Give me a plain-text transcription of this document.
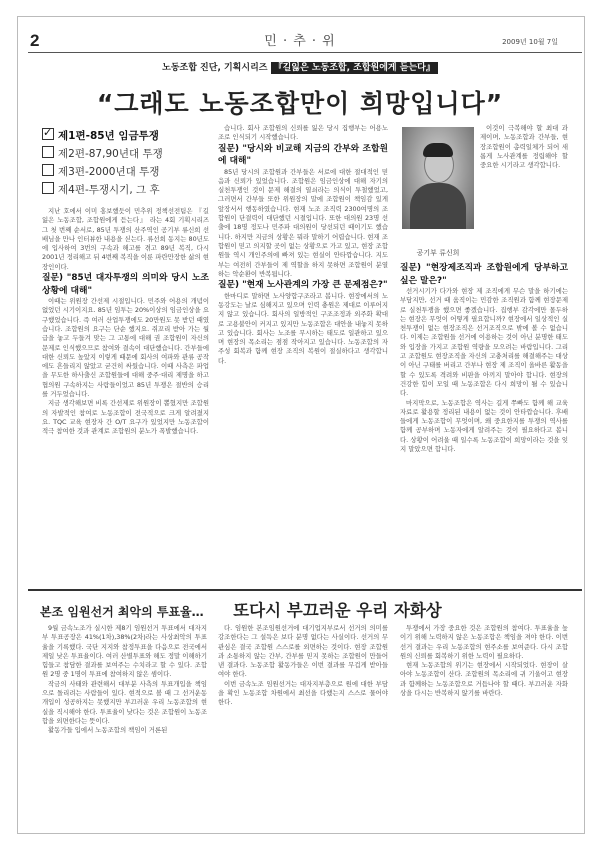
2	민 · 추 · 위	2009년 10월 7일
노동조합 진단, 기획시리즈 『길잃은 노동조합, 조합원에게 듣는다』
“그래도 노동조합만이 희망입니다”
✓제1편-85년 임금투쟁
제2편-87,90년대 투쟁
제3편-2000년대 투쟁
제4편-투쟁시기, 그 후

지난 호에서 이미 홍보했듯이 민추위 정책선전팀은 『길 잃은 노동조합, 조합원에게 듣는다』 라는 4회 기획시리즈 그 첫 번째 순서로, 85년 투쟁의 산주역인 공기부 류신희 선배님을 만나 인터뷰한 내용을 싣는다. 류선희 동지는 80년도에 입사하여 3번의 구속과 해고를 겪고 89년 복직, 다시 2001년 정리해고 뒤 4번째 복직을 이룬 파란만장한 삶의 현장인이다.

질문) "85년 대자투쟁의 의미와 당시 노조상황에 대해"

이때는 위원장 간선제 시절입니다. 민주와 어용의 개념이 없었던 시기이지요. 85년 임투는 20%이상의 임금인상을 요구했었습니다. 즉 여러 산업투쟁에도 20만원도 못 받던 때였습니다. 조합원의 요구는 단순 했지요. 쥐꼬리 받아 가는 월급을 놓고 두들겨 맞는 그 고통에 대해 권 조합원이 자신의 문제로 인식했으므로 참여와 결속이 대단했습니다. 간부들에 대한 신뢰도 높았지 이렇게 때문에 회사의 여파와 관류 공작에도 흔들리지 않았고 굳건히 싸웠습니다. 이때 사측은 파업을 무도한 하사출신 조합원들에 대해 중주·대리 제명을 하고 협의원 구속하지는 사람들이었고 85년 투쟁은 절반의 승리를 거두었습니다.

지금 생각해보면 비록 간선제로 위원장이 뽑혔지만 조합원의 자발적인 참여로 노동조합이 전국적으로 크게 알려졌지 요. TQC 교육 현장자 간 O/T 요구가 있었지만 노동조합이 적극 참여한 것과 관계로 조합원의 분노가 폭발했습니다.

습니다. 회사 조합원의 신뢰를 잃은 당시 집행부는 어용노조로 인식되기 시작했습니다.

질문) "당시와 비교해 지금의 간부와 조합원에 대해"

85년 당시의 조합원과 간부들은 서로에 대한 절대적인 믿음과 신뢰가 있었습니다. 조합원은 임금인상에 대해 자기의 실천투쟁인 것이 문제 해결의 열쇠라는 의식이 투철했었고, 그러면서 간부들 또한 위원장의 말에 조합원이 책임감 있게 앞장서서 행동하였습니다. 현재 노조 조직력 2300여명의 조합원이 단결력이 대단했던 시절입니다. 또한 대의원 23명 선출에 18명 정도나 민주파 대의원이 당선되던 때이기도 했습니다. 하지만 지금의 상황은 뭐라 말하기 어렵습니다. 현재 조합원이 믿고 의지할 곳이 없는 상황으로 가고 있고, 현장 조합원들 역시 개인주의에 빠져 있는 현실이 안타깝습니다. 지도부는 여전히 간부들이 제 역할을 하지 못하면 조합원이 분열하는 악순환이 반복됩니다.

질문) "현재 노사관계의 가장 큰 문제점은?"

한마디로 말하면 노사양합구조라고 봅니다. 현장에서의 노동강도는 날로 심해지고 있으며 인력 충원은 제대로 이루어지지 않고 있습니다. 회사의 일방적인 구조조정과 외주화 확대로 고용불안이 커지고 있지만 노동조합은 대안을 내놓지 못하고 있습니다. 회사는 노조를 무시하는 태도로 일관하고 있으며 현장의 목소리는 점점 작아지고 있습니다. 노동조합의 자주성 회복과 함께 현장 조직의 복원이 절실하다고 생각합니다.

공기부 류신희

이것이 극복해야 할 최대 과제이며, 노동조합과 간부들, 현장조합원이 총력일체가 되어 새롭게 노사관계를 정립해야 할 중요한 시기라고 생각합니다.

질문) "현장제조직과 조합원에게 당부하고 싶은 말은?"

선거시기가 다가와 현장 제 조직에게 무슨 말을 하기에는 부담지만, 선거 때 움직이는 민감한 조직원과 함께 현장문제로 실천투쟁을 했으면 좋겠습니다. 집행부 감각에만 몰두하는 현장은 무엇이 어떻게 필요합니까? 현장에서 일상적인 실천투쟁이 없는 현장조직은 선거조직으로 밖에 볼 수 없습니다. 이제는 조합원들 선거에 이용하는 것이 아닌 분명한 태도와 입장을 가지고 조합원 역량을 모으려는 바람입니다. 그리고 조합원도 현장조직을 자신의 고충처리를 해결해주는 대상이 아닌 구태를 버리고 간부나 현장 제 조직이 올바른 활동을 할 수 있도록 격려와 비판을 아끼지 말아야 합니다. 현장의 건강한 힘이 모일 때 노동조합은 다시 희망이 될 수 있습니다.

마지막으로, 노동조합은 역사는 길게 쭈빠도 함께 해 교육 자료로 활용할 정리된 내용이 없는 것이 안타깝습니다. 후배들에게 노동조합이 무엇이며, 왜 중요한지를 투쟁의 역사를 함께 공부하며 노동자에게 알려주는 것이 필요하다고 봅니다. 상황이 어려울 때 일수록 노동조합이 희망이라는 것을 잊지 말았으면 합니다.

본조 임원선거 최악의 투표율… 또다시 부끄러운 우리 자화상

9월 금속노조가 실시한 제8기 임원선거 투표에서 대자지부 투표공장은 41%(1차),38%(2차)라는 사상최악의 투표율을 기록했다. 국단 지지와 참정투표을 다음으로 전국에서 제일 낮은 투표율이다. 여러 산별투표와 해도 정말 이해하기 힘들고 참담한 결과를 보여주는 수치라고 할 수 있다. 조합원 2명 중 1명이 투표에 참여하지 않은 셈이다.

작금의 사태와 관련해서 대부분 사측의 투표개입을 책임으로 돌리려는 사람들이 있다. 현적으로 볼 때 그 선거운동 개입이 성공하지는 못했지만 부끄러운 우리 노동조합의 현실을 직시해야 한다. 투표율이 낮다는 것은 조합원이 노동조합을 외면한다는 뜻이다.

활동가들 입에서 노동조합의 책임이 거론된

다. 임원한 본조임원선거에 대기업지부로서 선거의 의미를 강조한다는 그 설득은 보다 분명 없다는 사실이다. 선거의 무관심은 결국 조합원 스스로를 외면하는 것이다. 현장 조합원과 소통하지 않는 간부, 간부를 믿지 못하는 조합원이 만들어 낸 결과다. 노동조합 활동가들은 이번 결과를 무겁게 받아들여야 한다.

이번 금속노조 임원선거는 대자지부층으로 원에 대한 부담을 확인 노동조합 차원에서 최선을 다했는지 스스로 물어야 한다.

투쟁에서 가장 중요한 것은 조합원의 참여다. 투표율을 높이기 위해 노력하지 않은 노동조합은 책임을 져야 한다. 이번 선거 결과는 우리 노동조합의 현주소를 보여준다. 다시 조합원의 신뢰를 회복하기 위한 노력이 필요하다.

현재 노동조합의 위기는 현장에서 시작되었다. 현장이 살아야 노동조합이 산다. 조합원의 목소리에 귀 기울이고 현장과 함께하는 노동조합으로 거듭나야 할 때다. 부끄러운 자화상을 다시는 반복하지 않기를 바란다.
